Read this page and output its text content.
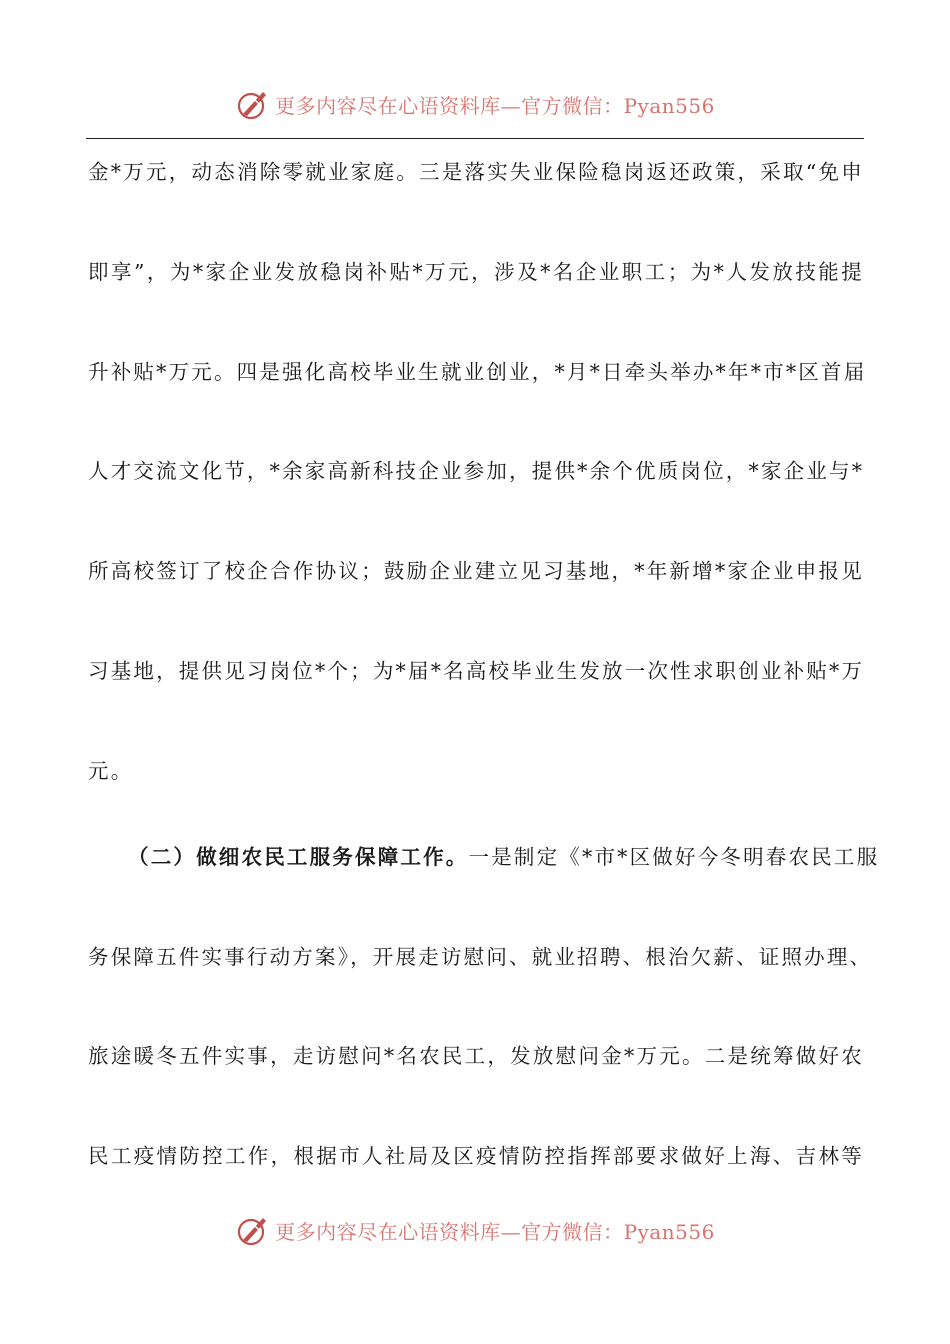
更多内容尽在心语资料库—官方微信：Pyan556
金*万元，动态消除零就业家庭。三是落实失业保险稳岗返还政策，采取“免申
即享”，为*家企业发放稳岗补贴*万元，涉及*名企业职工；为*人发放技能提
升补贴*万元。四是强化高校毕业生就业创业，*月*日牵头举办*年*市*区首届
人才交流文化节，*余家高新科技企业参加，提供*余个优质岗位，*家企业与*
所高校签订了校企合作协议；鼓励企业建立见习基地，*年新增*家企业申报见
习基地，提供见习岗位*个；为*届*名高校毕业生发放一次性求职创业补贴*万
元。
（二）做细农民工服务保障工作。一是制定《*市*区做好今冬明春农民工服
务保障五件实事行动方案》，开展走访慰问、就业招聘、根治欠薪、证照办理、
旅途暖冬五件实事，走访慰问*名农民工，发放慰问金*万元。二是统筹做好农
民工疫情防控工作，根据市人社局及区疫情防控指挥部要求做好上海、吉林等
更多内容尽在心语资料库—官方微信：Pyan556
